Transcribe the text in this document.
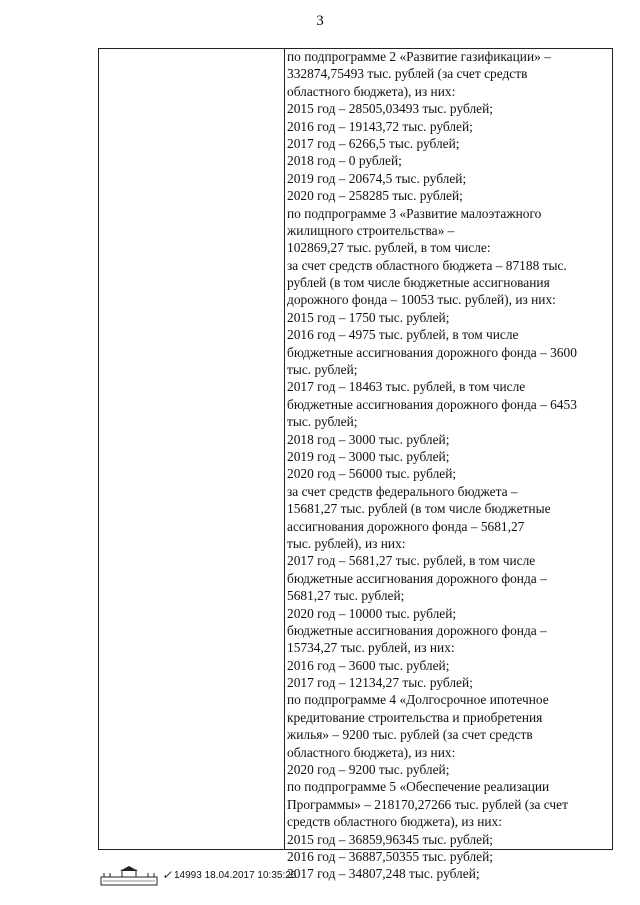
3
по подпрограмме 2 «Развитие газификации» –
332874,75493 тыс. рублей (за счет средств
областного бюджета), из них:
2015 год – 28505,03493 тыс. рублей;
2016 год – 19143,72 тыс. рублей;
2017 год – 6266,5 тыс. рублей;
2018 год – 0 рублей;
2019 год – 20674,5 тыс. рублей;
2020 год – 258285 тыс. рублей;
по подпрограмме 3 «Развитие малоэтажного
жилищного строительства» –
102869,27 тыс. рублей, в том числе:
за счет средств областного бюджета – 87188 тыс.
рублей (в том числе бюджетные ассигнования
дорожного фонда – 10053 тыс. рублей), из них:
2015 год – 1750 тыс. рублей;
2016 год – 4975 тыс. рублей, в том числе
бюджетные ассигнования дорожного фонда – 3600
тыс. рублей;
2017 год – 18463 тыс. рублей, в том числе
бюджетные ассигнования дорожного фонда – 6453
тыс. рублей;
2018 год – 3000 тыс. рублей;
2019 год – 3000 тыс. рублей;
2020 год – 56000 тыс. рублей;
за счет средств федерального бюджета –
15681,27 тыс. рублей (в том числе бюджетные
ассигнования дорожного фонда – 5681,27
тыс. рублей), из них:
2017 год – 5681,27 тыс. рублей, в том числе
бюджетные ассигнования дорожного фонда –
5681,27 тыс. рублей;
2020 год – 10000 тыс. рублей;
бюджетные ассигнования дорожного фонда –
15734,27 тыс. рублей, из них:
2016 год – 3600 тыс. рублей;
2017 год – 12134,27 тыс. рублей;
по подпрограмме 4 «Долгосрочное ипотечное
кредитование строительства и приобретения
жилья» – 9200 тыс. рублей (за счет средств
областного бюджета), из них:
2020 год – 9200 тыс. рублей;
по подпрограмме 5 «Обеспечение реализации
Программы» – 218170,27266 тыс. рублей (за счет
средств областного бюджета), из них:
2015 год – 36859,96345 тыс. рублей;
2016 год – 36887,50355 тыс. рублей;
2017 год – 34807,248 тыс. рублей;
✓ 14993 18.04.2017 10:35:26
